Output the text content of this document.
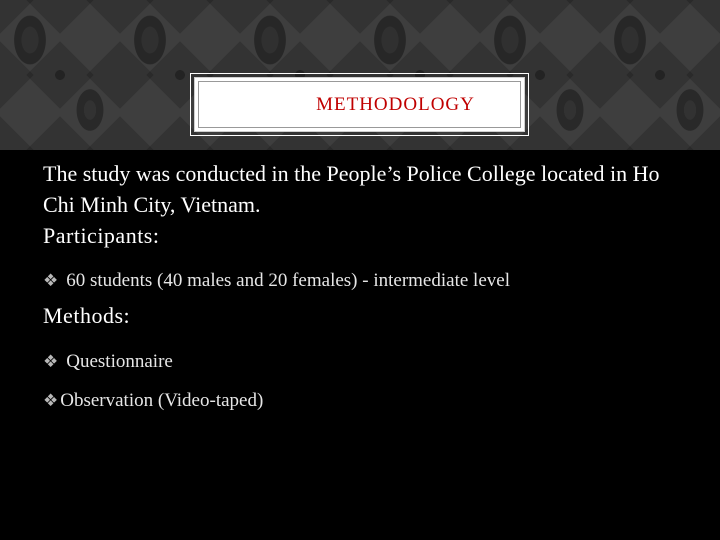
METHODOLOGY

The study was conducted in the People’s Police College located in Ho Chi Minh City, Vietnam.

Participants:

❖ 60 students (40 males and 20 females) - intermediate level

Methods:

❖ Questionnaire
❖ Observation (Video-taped)
